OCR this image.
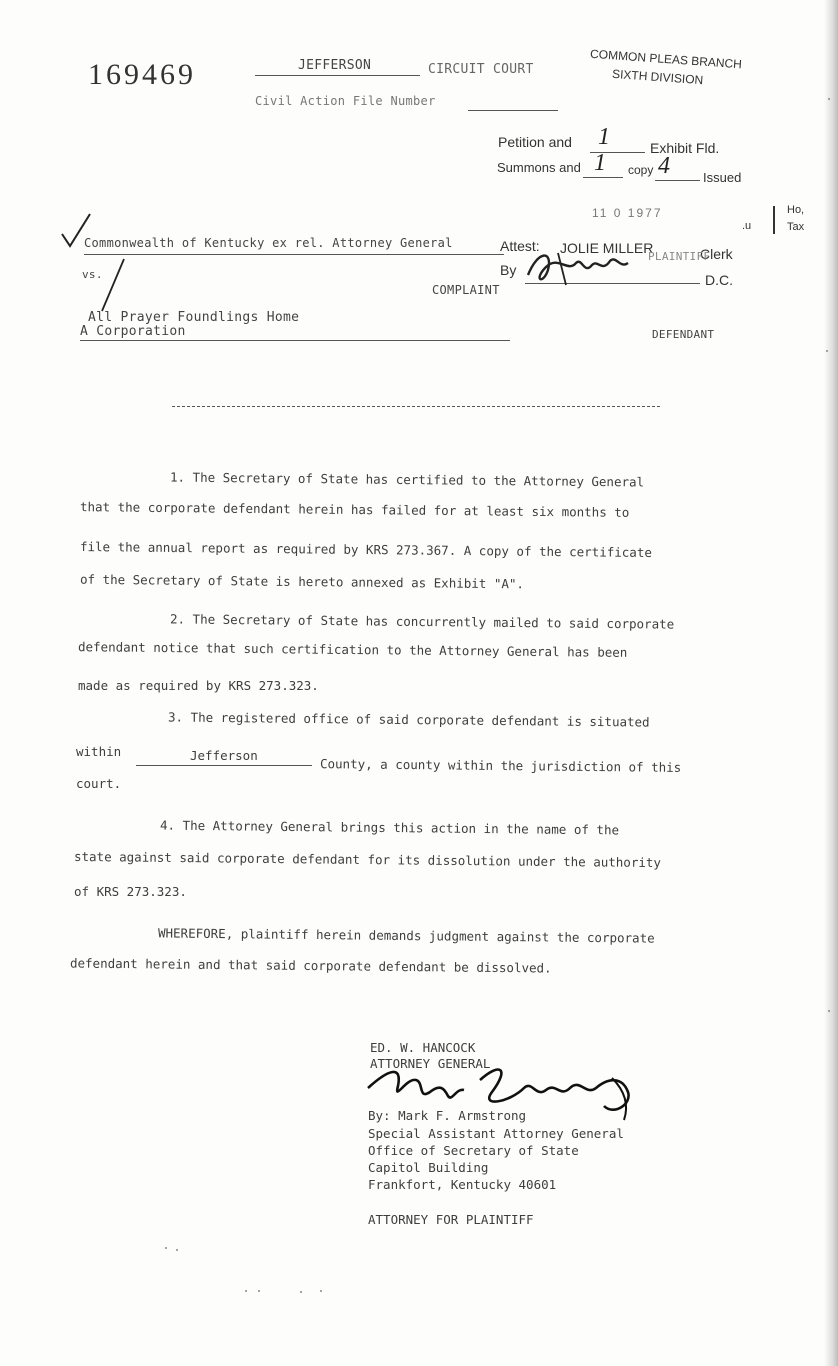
169469	JEFFERSON	CIRCUIT COURT
Civil Action File Number
COMMON PLEAS BRANCH
SIXTH DIVISION
Petition and 1	Exhibit Fld.
Summons and 1 copy 4	Issued
11 0 1977
Attest: JOLIE MILLER	Clerk
By
D.C.
Ho,
Tax
.u
Commonwealth of Kentucky ex rel. Attorney General
PLAINTIFF
vs.
COMPLAINT
All Prayer Foundlings Home
A Corporation	DEFENDANT
1. The Secretary of State has certified to the Attorney General
that the corporate defendant herein has failed for at least six months to
file the annual report as required by KRS 273.367. A copy of the certificate
of the Secretary of State is hereto annexed as Exhibit "A".
2. The Secretary of State has concurrently mailed to said corporate
defendant notice that such certification to the Attorney General has been
made as required by KRS 273.323.
3. The registered office of said corporate defendant is situated
within	Jefferson
County, a county within the jurisdiction of this
court.
4. The Attorney General brings this action in the name of the
state against said corporate defendant for its dissolution under the authority
of KRS 273.323.
WHEREFORE, plaintiff herein demands judgment against the corporate
defendant herein and that said corporate defendant be dissolved.
ED. W. HANCOCK
ATTORNEY GENERAL
By: Mark F. Armstrong
Special Assistant Attorney General
Office of Secretary of State
Capitol Building
Frankfort, Kentucky 40601
ATTORNEY FOR PLAINTIFF
